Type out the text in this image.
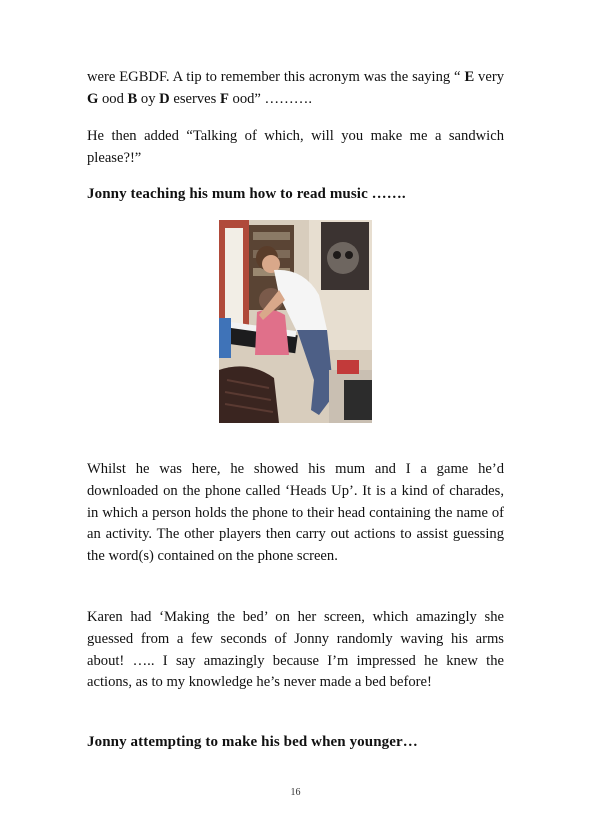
were EGBDF. A tip to remember this acronym was the saying “ E very G ood B oy D eserves F ood” ……….

He then added “Talking of which, will you make me a sandwich please?!”

Jonny teaching his mum how to read music …….

Whilst he was here, he showed his mum and I a game he’d downloaded on the phone called ‘Heads Up’. It is a kind of charades, in which a person holds the phone to their head containing the name of an activity. The other players then carry out actions to assist guessing the word(s) contained on the phone screen.

Karen had ‘Making the bed’ on her screen, which amazingly she guessed from a few seconds of Jonny randomly waving his arms about! ….. I say amazingly because I’m impressed he knew the actions, as to my knowledge he’s never made a bed before!

Jonny attempting to make his bed when younger…

16
